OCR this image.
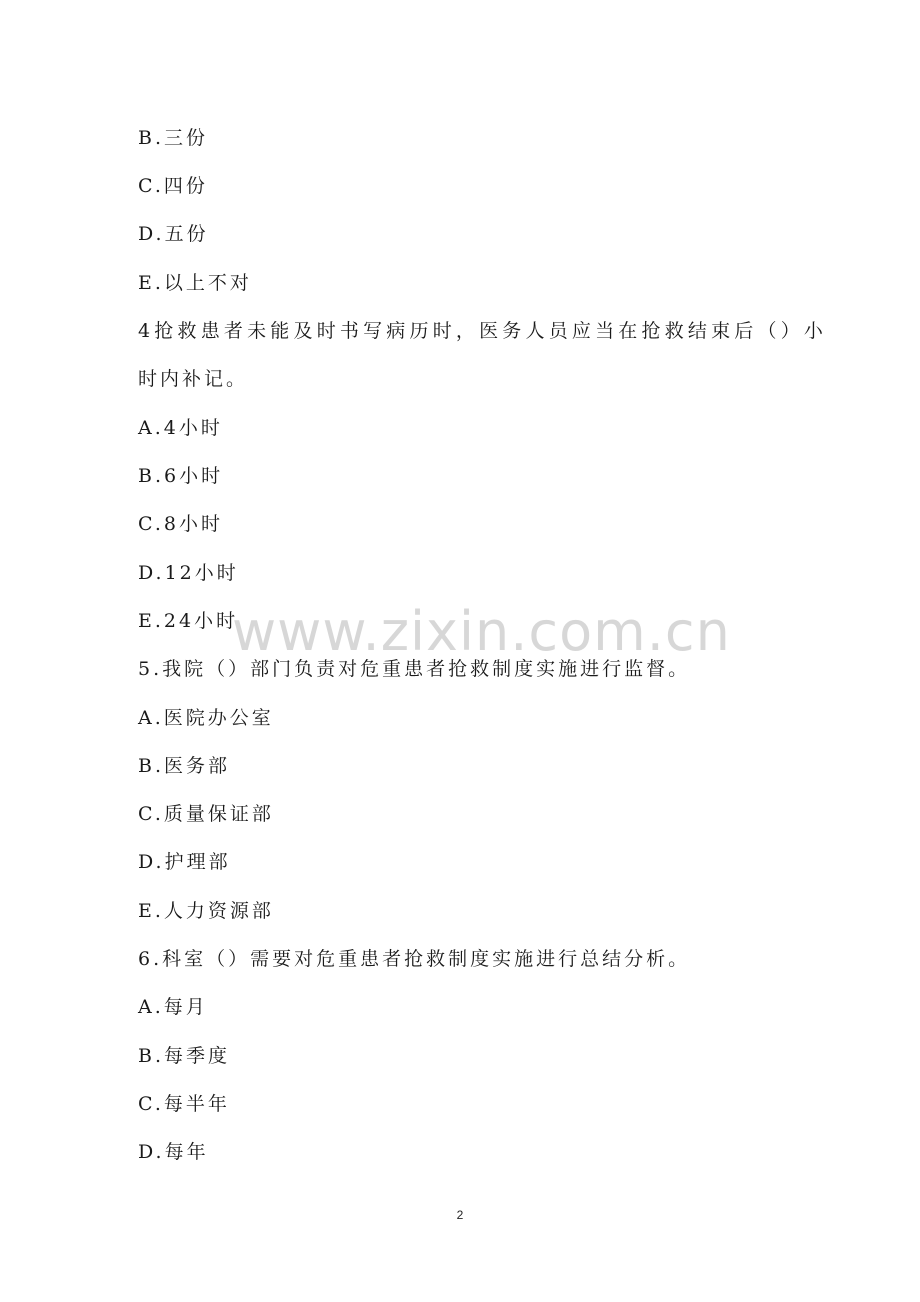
B.三份
C.四份
D.五份
E.以上不对
4抢救患者未能及时书写病历时，医务人员应当在抢救结束后（）小
时内补记。
A.4小时
B.6小时
C.8小时
D.12小时
E.24小时
5.我院（）部门负责对危重患者抢救制度实施进行监督。
A.医院办公室
B.医务部
C.质量保证部
D.护理部
E.人力资源部
6.科室（）需要对危重患者抢救制度实施进行总结分析。
A.每月
B.每季度
C.每半年
D.每年
www.zixin.com.cn
2
